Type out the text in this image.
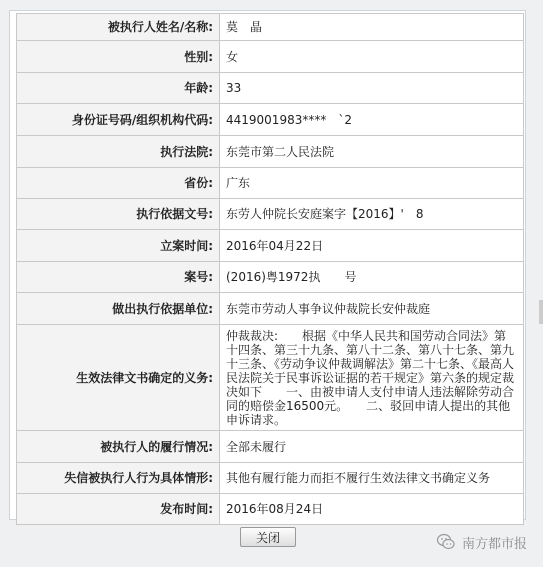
被执行人姓名/名称:	莫　晶
性别:	女
年龄:	33
身份证号码/组织机构代码:	4419001983****　`2
执行法院:	东莞市第二人民法院
省份:	广东
执行依据文号:	东劳人仲院长安庭案字【2016】'　8
立案时间:	2016年04月22日
案号:	(2016)粤1972执　　号
做出执行依据单位:	东莞市劳动人事争议仲裁院长安仲裁庭
生效法律文书确定的义务:	仲裁裁决:　　根据《中华人民共和国劳动合同法》第十四条、第三十九条、第八十二条、第八十七条、第九十三条、《劳动争议仲裁调解法》第二十七条、《最高人民法院关于民事诉讼证据的若干规定》第六条的规定裁决如下　　一、由被申请人支付申请人违法解除劳动合同的赔偿金16500元。　　二、驳回申请人提出的其他申诉请求。
被执行人的履行情况:	全部未履行
失信被执行人行为具体情形:	其他有履行能力而拒不履行生效法律文书确定义务
发布时间:	2016年08月24日
关闭	南方都市报
